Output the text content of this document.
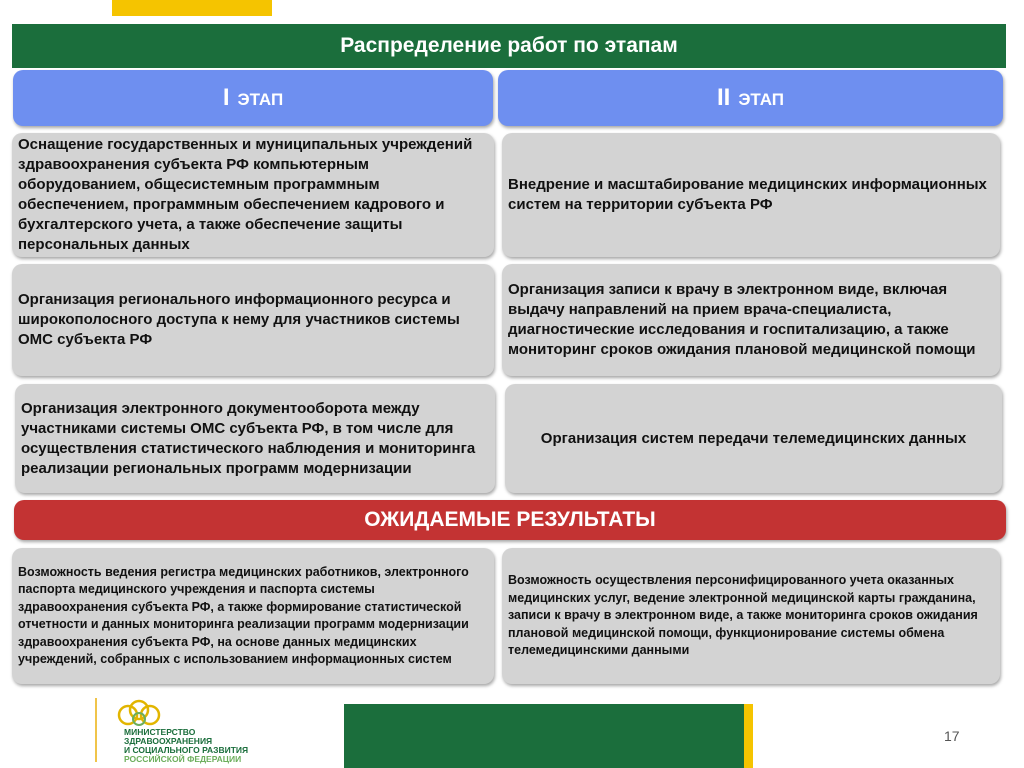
Распределение работ по этапам
I ЭТАП	II ЭТАП
Оснащение государственных и муниципальных учреждений здравоохранения субъекта РФ компьютерным оборудованием, общесистемным программным обеспечением, программным обеспечением кадрового и бухгалтерского учета, а также обеспечение защиты персональных данных
Организация регионального информационного ресурса и широкополосного доступа к нему для участников системы ОМС субъекта РФ
Организация электронного документооборота между участниками системы ОМС субъекта РФ, в том числе для осуществления статистического наблюдения и мониторинга реализации региональных программ модернизации
Внедрение и масштабирование медицинских информационных систем на территории субъекта РФ
Организация записи к врачу в электронном виде, включая выдачу направлений на прием врача-специалиста, диагностические исследования и госпитализацию, а также мониторинг сроков ожидания плановой медицинской помощи
Организация систем передачи телемедицинских данных
ОЖИДАЕМЫЕ РЕЗУЛЬТАТЫ
Возможность ведения регистра медицинских работников, электронного паспорта медицинского учреждения и паспорта системы здравоохранения субъекта РФ, а также формирование статистической отчетности и данных мониторинга реализации программ модернизации здравоохранения субъекта РФ, на основе данных медицинских учреждений, собранных с использованием информационных систем
Возможность осуществления персонифицированного учета оказанных медицинских услуг, ведение электронной медицинской карты гражданина, записи к врачу в электронном виде, а также мониторинга сроков ожидания плановой медицинской помощи, функционирование системы обмена телемедицинскими данными
МИНИСТЕРСТВО
ЗДРАВООХРАНЕНИЯ
И СОЦИАЛЬНОГО РАЗВИТИЯ
РОССИЙСКОЙ ФЕДЕРАЦИИ
17
